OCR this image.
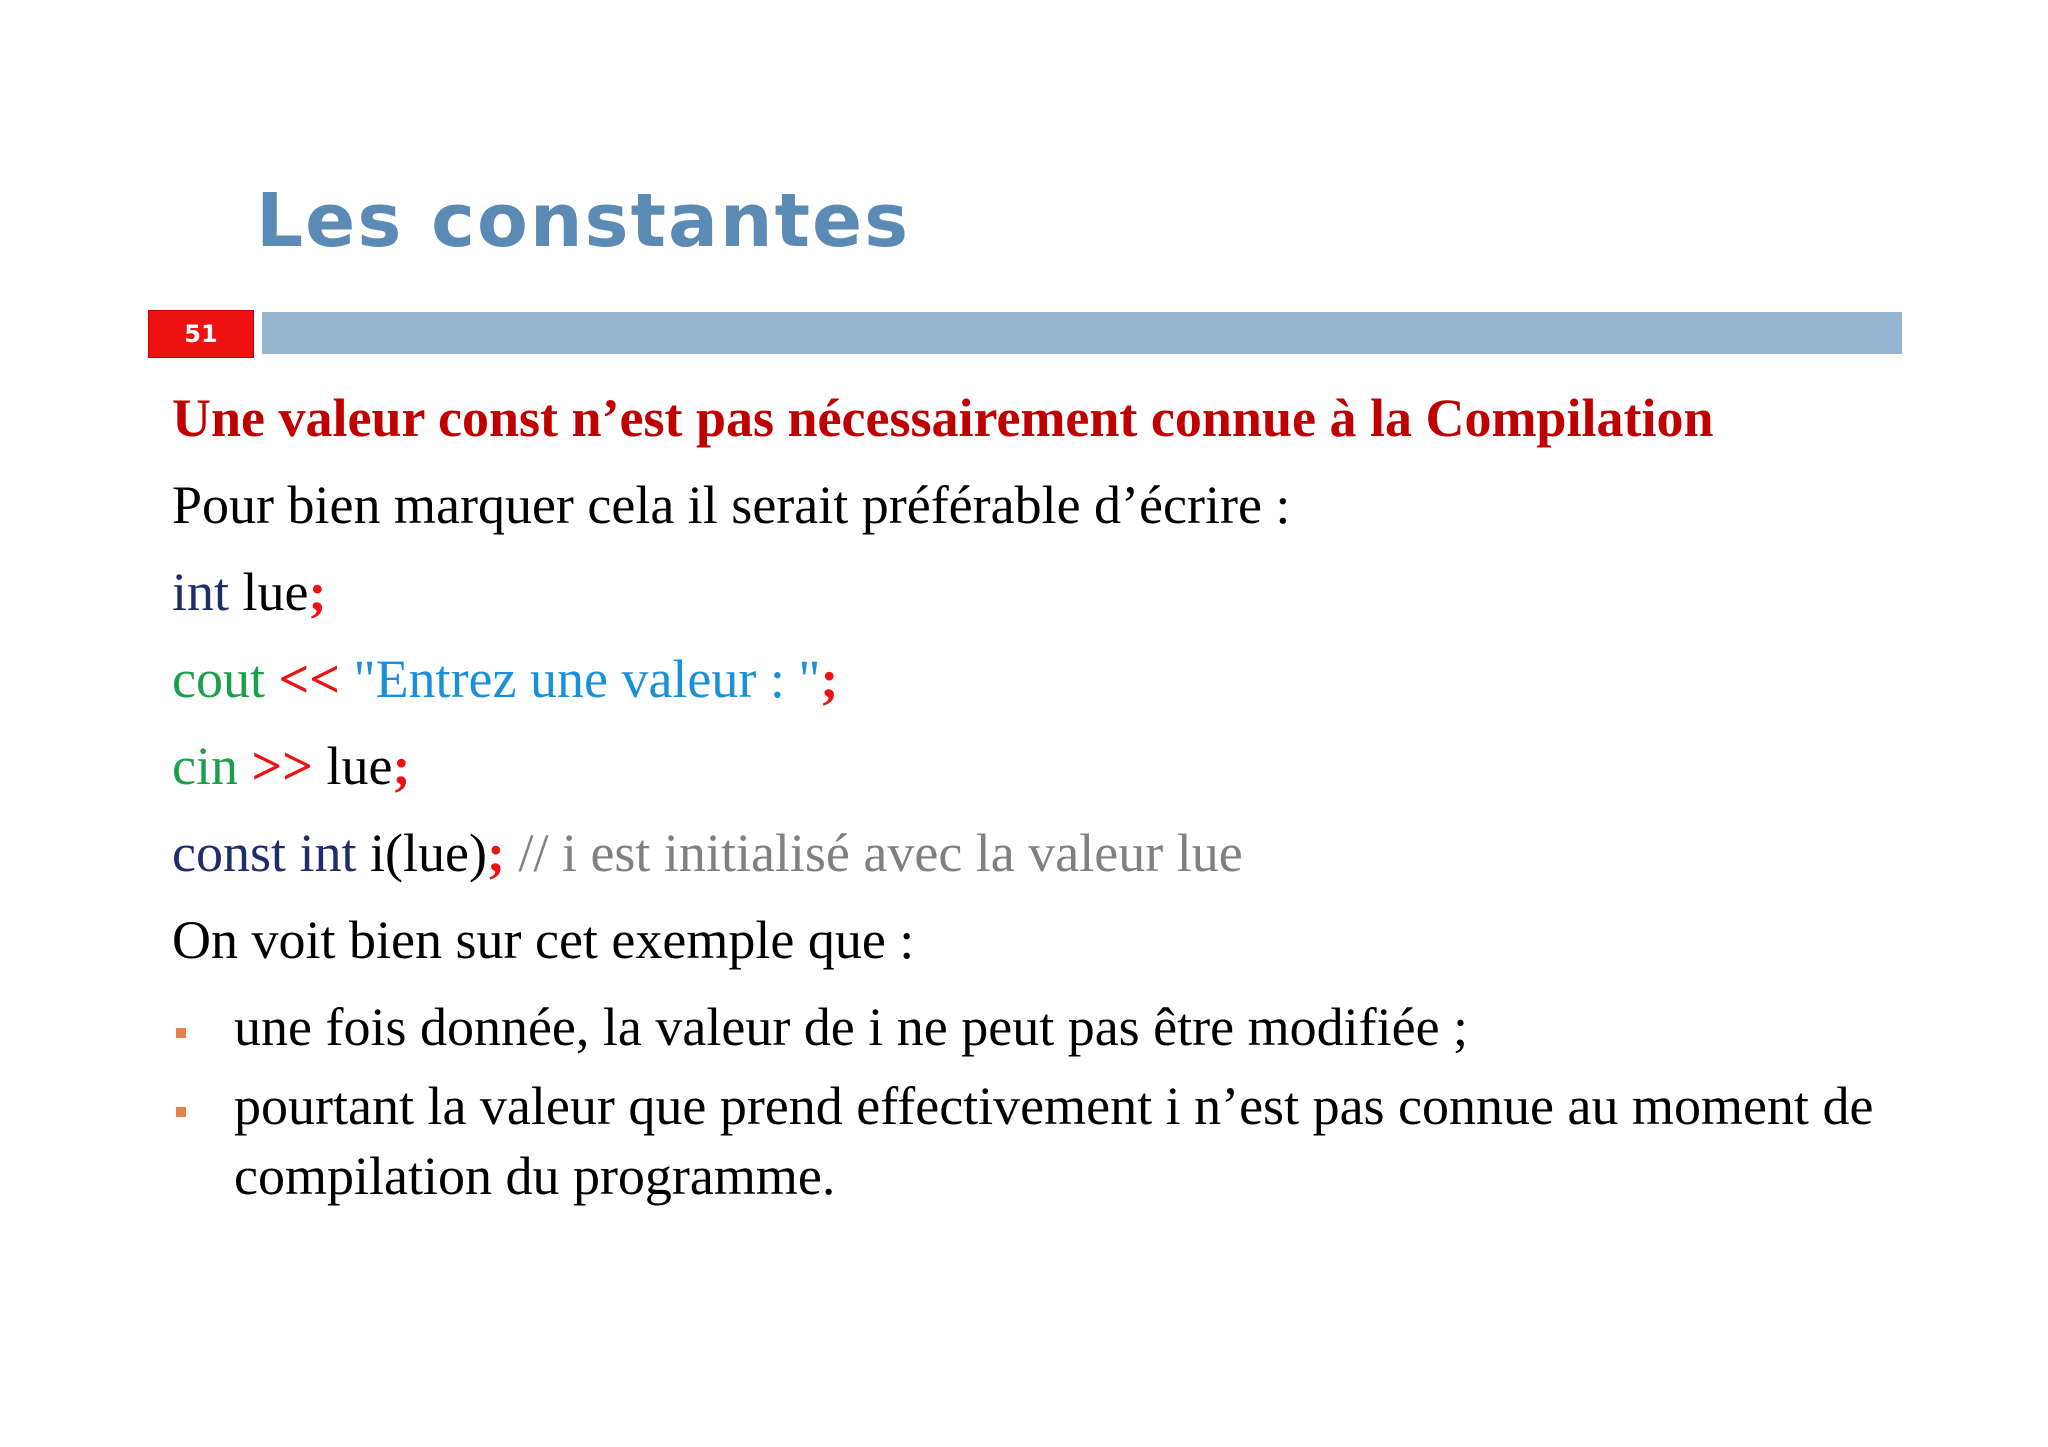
Les constantes
51
Une valeur const n’est pas nécessairement connue à la Compilation
Pour bien marquer cela il serait préférable d’écrire :
int lue;
cout << "Entrez une valeur : ";
cin >> lue;
const int i(lue); // i est initialisé avec la valeur lue
On voit bien sur cet exemple que :
une fois donnée, la valeur de i ne peut pas être modifiée ;
pourtant la valeur que prend effectivement i n’est pas connue au moment de compilation du programme.
